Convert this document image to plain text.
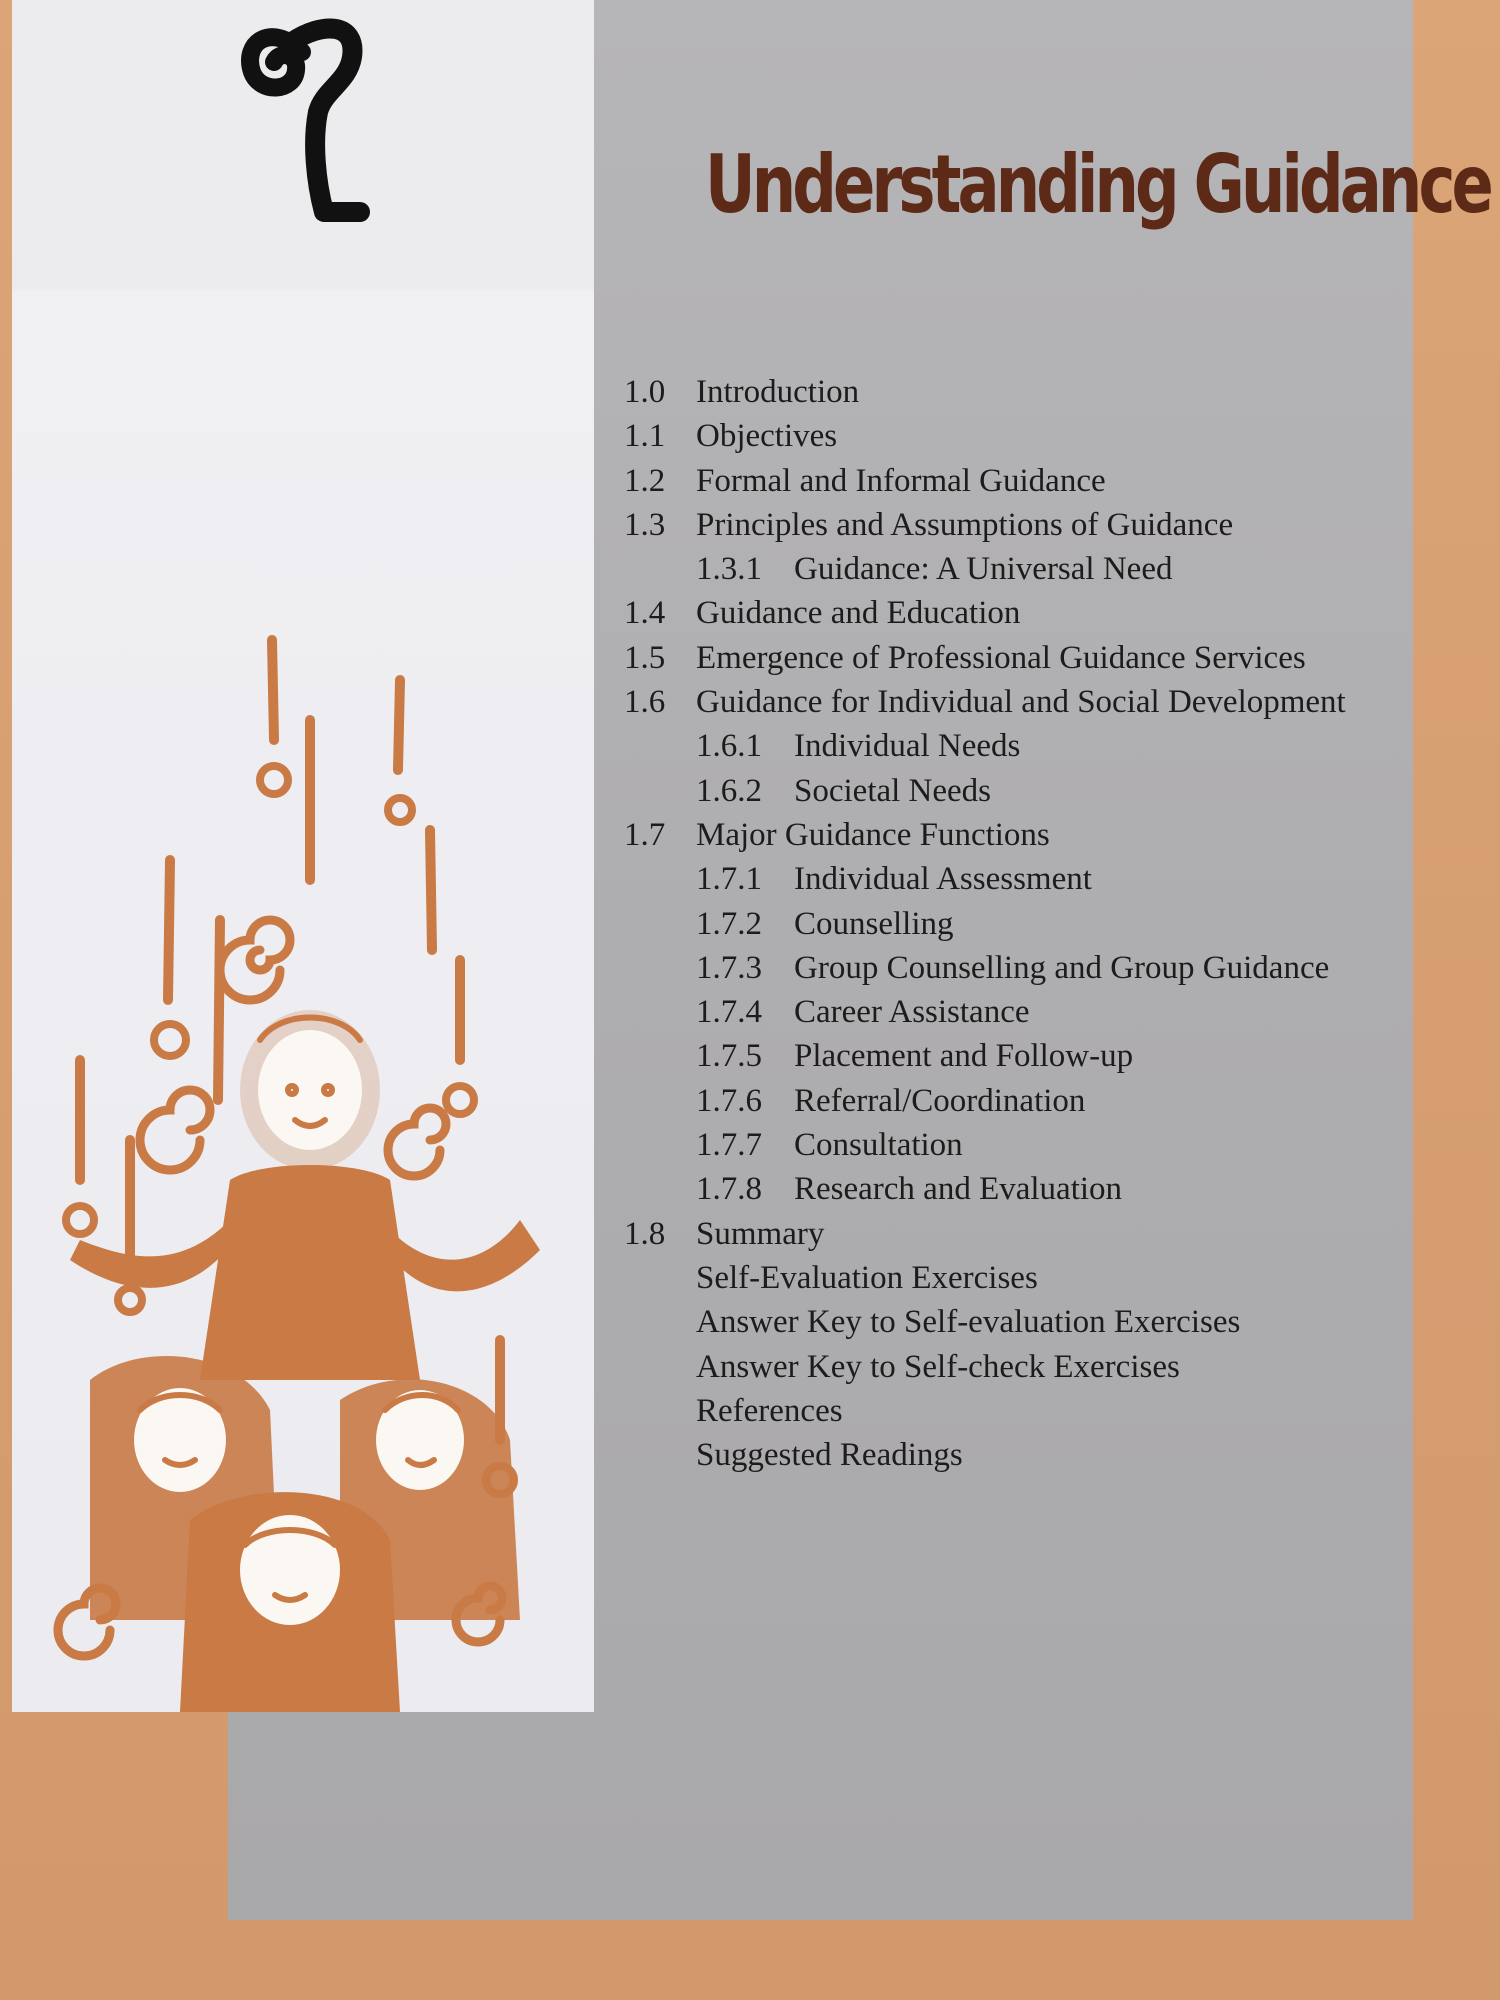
Understanding Guidance
1.0 Introduction
1.1 Objectives
1.2 Formal and Informal Guidance
1.3 Principles and Assumptions of Guidance
1.3.1 Guidance: A Universal Need
1.4 Guidance and Education
1.5 Emergence of Professional Guidance Services
1.6 Guidance for Individual and Social Development
1.6.1 Individual Needs
1.6.2 Societal Needs
1.7 Major Guidance Functions
1.7.1 Individual Assessment
1.7.2 Counselling
1.7.3 Group Counselling and Group Guidance
1.7.4 Career Assistance
1.7.5 Placement and Follow-up
1.7.6 Referral/Coordination
1.7.7 Consultation
1.7.8 Research and Evaluation
1.8 Summary
Self-Evaluation Exercises
Answer Key to Self-evaluation Exercises
Answer Key to Self-check Exercises
References
Suggested Readings
